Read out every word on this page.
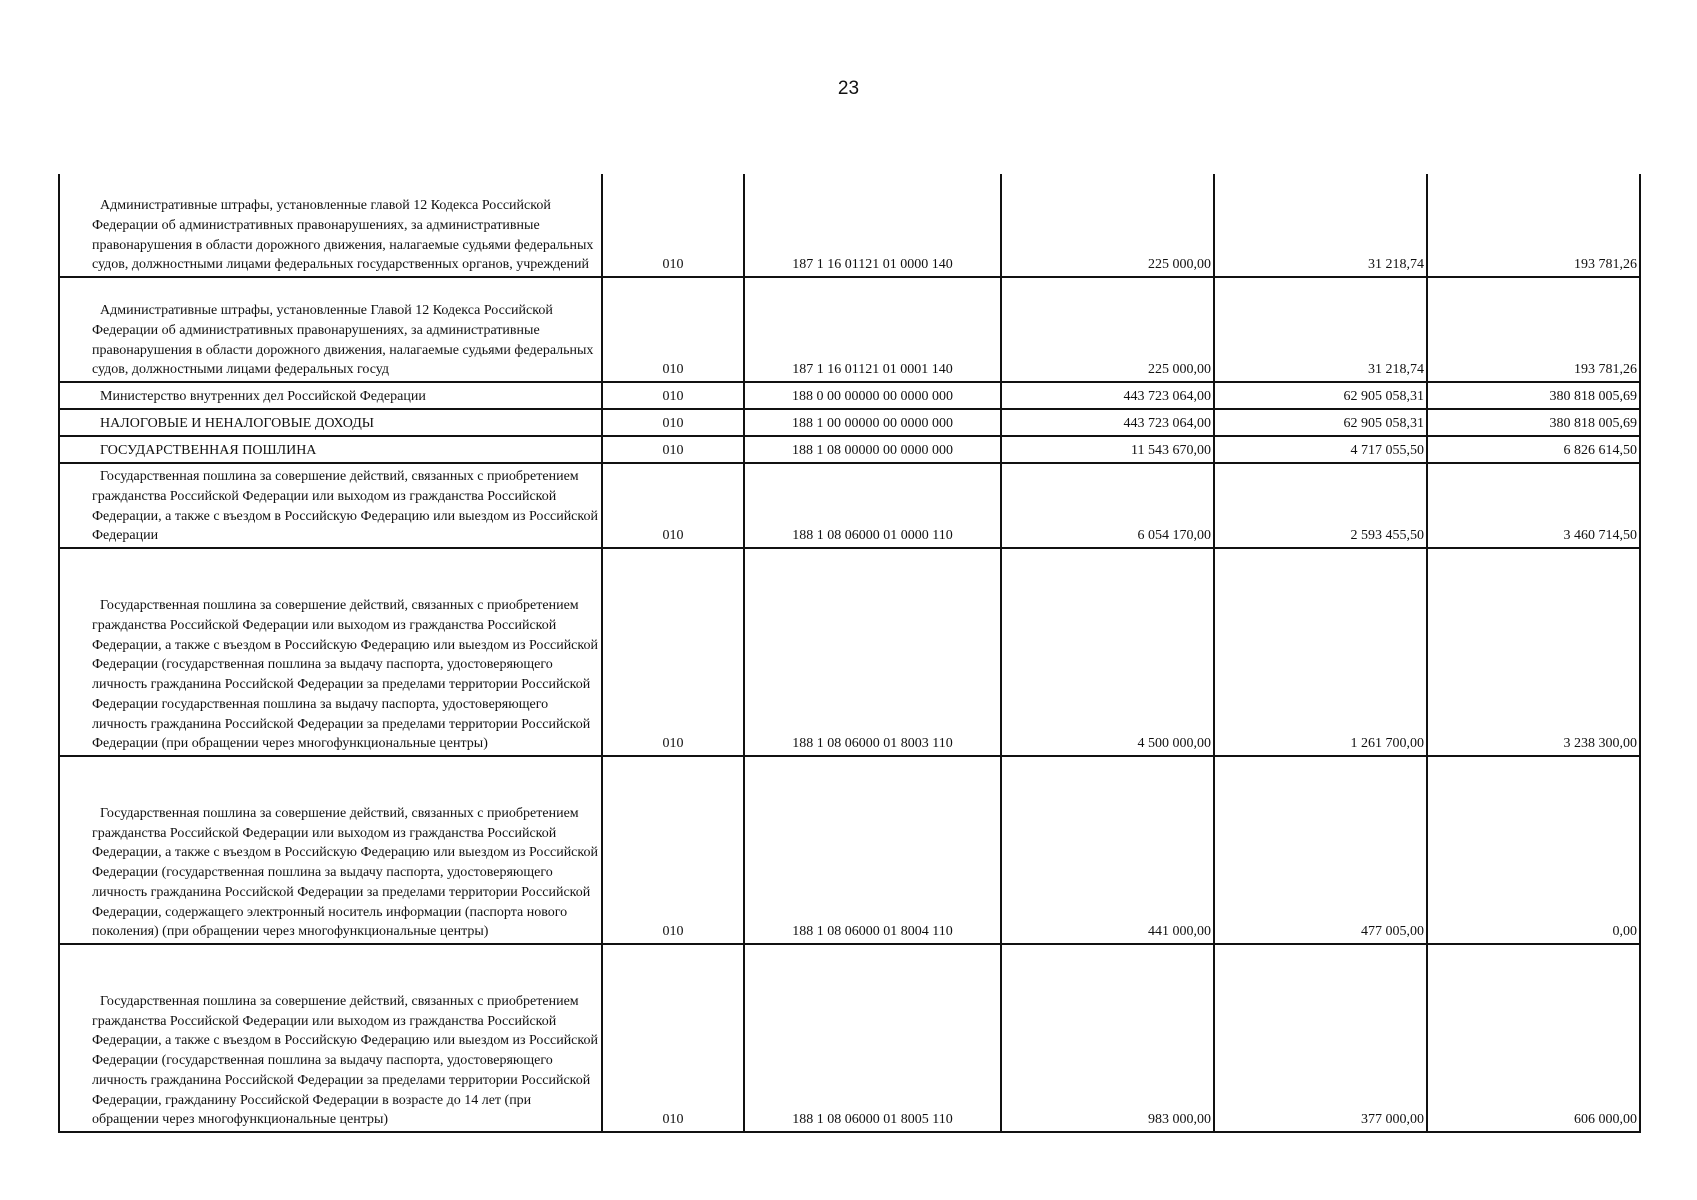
23
Административные штрафы, установленные главой 12 Кодекса Российской Федерации об административных правонарушениях, за административные правонарушения в области дорожного движения, налагаемые судьями федеральных судов, должностными лицами федеральных государственных органов, учреждений	010	187 1 16 01121 01 0000 140	225 000,00	31 218,74	193 781,26

Административные штрафы, установленные Главой 12 Кодекса Российской Федерации об административных правонарушениях, за административные правонарушения в области дорожного движения, налагаемые судьями федеральных судов, должностными лицами федеральных госуд	010	187 1 16 01121 01 0001 140	225 000,00	31 218,74	193 781,26

Министерство внутренних дел Российской Федерации	010	188 0 00 00000 00 0000 000	443 723 064,00	62 905 058,31	380 818 005,69

НАЛОГОВЫЕ И НЕНАЛОГОВЫЕ ДОХОДЫ	010	188 1 00 00000 00 0000 000	443 723 064,00	62 905 058,31	380 818 005,69

ГОСУДАРСТВЕННАЯ ПОШЛИНА	010	188 1 08 00000 00 0000 000	11 543 670,00	4 717 055,50	6 826 614,50

Государственная пошлина за совершение действий, связанных с приобретением гражданства Российской Федерации или выходом из гражданства Российской Федерации, а также с въездом в Российскую Федерацию или выездом из Российской Федерации	010	188 1 08 06000 01 0000 110	6 054 170,00	2 593 455,50	3 460 714,50

Государственная пошлина за совершение действий, связанных с приобретением гражданства Российской Федерации или выходом из гражданства Российской Федерации, а также с въездом в Российскую Федерацию или выездом из Российской Федерации (государственная пошлина за выдачу паспорта, удостоверяющего личность гражданина Российской Федерации за пределами территории Российской Федерации государственная пошлина за выдачу паспорта, удостоверяющего личность гражданина Российской Федерации за пределами территории Российской Федерации (при обращении через многофункциональные центры)	010	188 1 08 06000 01 8003 110	4 500 000,00	1 261 700,00	3 238 300,00

Государственная пошлина за совершение действий, связанных с приобретением гражданства Российской Федерации или выходом из гражданства Российской Федерации, а также с въездом в Российскую Федерацию или выездом из Российской Федерации (государственная пошлина за выдачу паспорта, удостоверяющего личность гражданина Российской Федерации за пределами территории Российской Федерации, содержащего электронный носитель информации (паспорта нового поколения) (при обращении через многофункциональные центры)	010	188 1 08 06000 01 8004 110	441 000,00	477 005,00	0,00

Государственная пошлина за совершение действий, связанных с приобретением гражданства Российской Федерации или выходом из гражданства Российской Федерации, а также с въездом в Российскую Федерацию или выездом из Российской Федерации (государственная пошлина за выдачу паспорта, удостоверяющего личность гражданина Российской Федерации за пределами территории Российской Федерации, гражданину Российской Федерации в возрасте до 14 лет (при обращении через многофункциональные центры)	010	188 1 08 06000 01 8005 110	983 000,00	377 000,00	606 000,00
